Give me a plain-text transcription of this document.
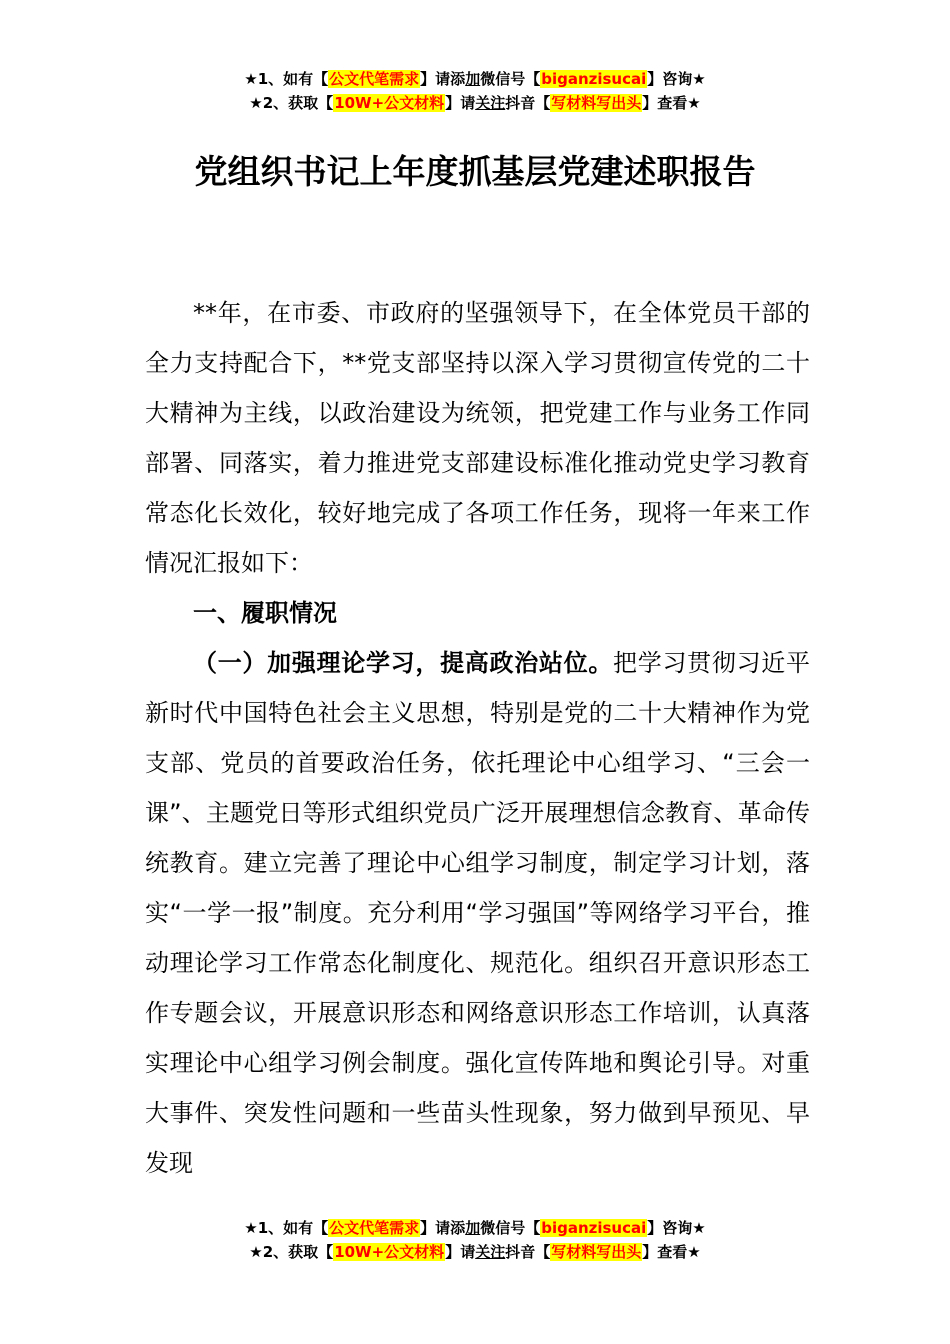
★1、如有【公文代笔需求】请添加微信号【biganzisucai】咨询★
★2、获取【10W+公文材料】请关注抖音【写材料写出头】查看★
党组织书记上年度抓基层党建述职报告

**年，在市委、市政府的坚强领导下，在全体党员干部的全力支持配合下，**党支部坚持以深入学习贯彻宣传党的二十大精神为主线，以政治建设为统领，把党建工作与业务工作同部署、同落实，着力推进党支部建设标准化推动党史学习教育常态化长效化，较好地完成了各项工作任务，现将一年来工作情况汇报如下：

一、履职情况

（一）加强理论学习，提高政治站位。把学习贯彻习近平新时代中国特色社会主义思想，特别是党的二十大精神作为党支部、党员的首要政治任务，依托理论中心组学习、“三会一课”、主题党日等形式组织党员广泛开展理想信念教育、革命传统教育。建立完善了理论中心组学习制度，制定学习计划，落实“一学一报”制度。充分利用“学习强国”等网络学习平台，推动理论学习工作常态化制度化、规范化。组织召开意识形态工作专题会议，开展意识形态和网络意识形态工作培训，认真落实理论中心组学习例会制度。强化宣传阵地和舆论引导。对重大事件、突发性问题和一些苗头性现象，努力做到早预见、早发现

★1、如有【公文代笔需求】请添加微信号【biganzisucai】咨询★
★2、获取【10W+公文材料】请关注抖音【写材料写出头】查看★
